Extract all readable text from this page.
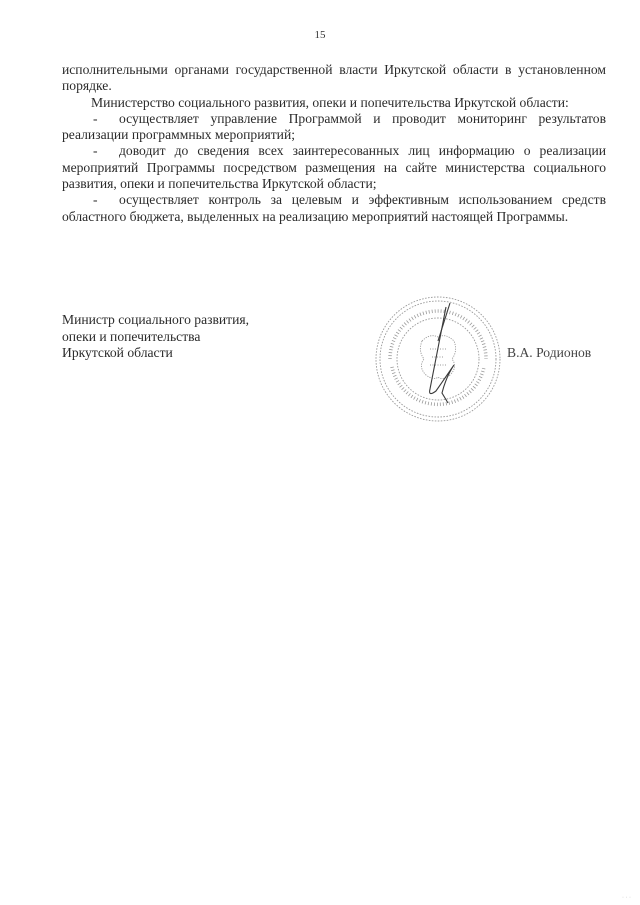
15

исполнительными органами государственной власти Иркутской области в установленном порядке.

Министерство социального развития, опеки и попечительства Иркутской области:

- осуществляет управление Программой и проводит мониторинг результатов реализации программных мероприятий;

- доводит до сведения всех заинтересованных лиц информацию о реализации мероприятий Программы посредством размещения на сайте министерства социального развития, опеки и попечительства Иркутской области;

- осуществляет контроль за целевым и эффективным использованием средств областного бюджета, выделенных на реализацию мероприятий настоящей Программы.

Министр социального развития,
опеки и попечительства
Иркутской области	В.А. Родионов
· · ·
